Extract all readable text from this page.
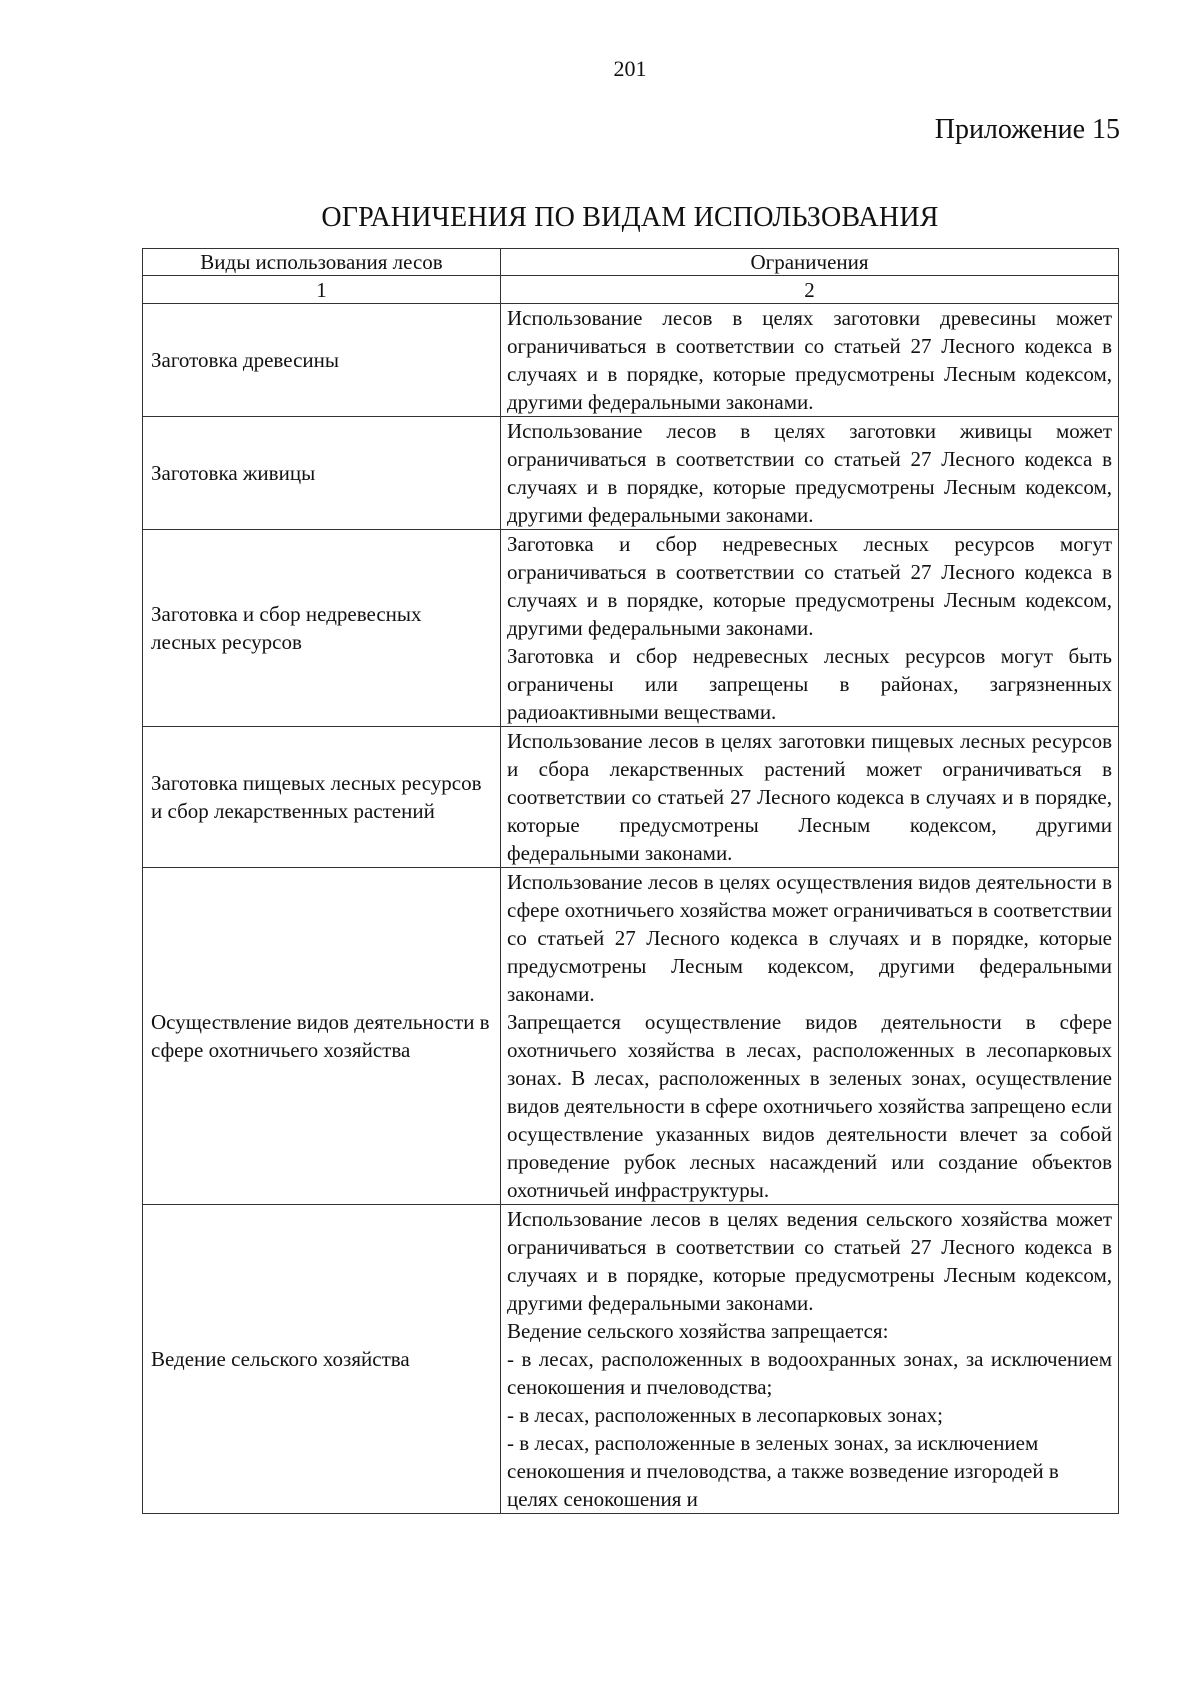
201
Приложение 15
ОГРАНИЧЕНИЯ ПО ВИДАМ ИСПОЛЬЗОВАНИЯ
Виды использования лесов	Ограничения
1	2
Заготовка древесины	Использование лесов в целях заготовки древесины может ограничиваться в соответствии со статьей 27 Лесного кодекса в случаях и в порядке, которые предусмотрены Лесным кодексом, другими федеральными законами.

Заготовка живицы	Использование лесов в целях заготовки живицы может ограничиваться в соответствии со статьей 27 Лесного кодекса в случаях и в порядке, которые предусмотрены Лесным кодексом, другими федеральными законами.

Заготовка и сбор недревесных лесных ресурсов	Заготовка и сбор недревесных лесных ресурсов могут ограничиваться в соответствии со статьей 27 Лесного кодекса в случаях и в порядке, которые предусмотрены Лесным кодексом, другими федеральными законами.

Заготовка и сбор недревесных лесных ресурсов могут быть ограничены или запрещены в районах, загрязненных радиоактивными веществами.

Заготовка пищевых лесных ресурсов и сбор лекарственных растений	Использование лесов в целях заготовки пищевых лесных ресурсов и сбора лекарственных растений может ограничиваться в соответствии со статьей 27 Лесного кодекса в случаях и в порядке, которые предусмотрены Лесным кодексом, другими федеральными законами.

Осуществление видов деятельности в сфере охотничьего хозяйства	Использование лесов в целях осуществления видов деятельности в сфере охотничьего хозяйства может ограничиваться в соответствии со статьей 27 Лесного кодекса в случаях и в порядке, которые предусмотрены Лесным кодексом, другими федеральными законами.

Запрещается осуществление видов деятельности в сфере охотничьего хозяйства в лесах, расположенных в лесопарковых зонах. В лесах, расположенных в зеленых зонах, осуществление видов деятельности в сфере охотничьего хозяйства запрещено если осуществление указанных видов деятельности влечет за собой проведение рубок лесных насаждений или создание объектов охотничьей инфраструктуры.

Ведение сельского хозяйства	Использование лесов в целях ведения сельского хозяйства может ограничиваться в соответствии со статьей 27 Лесного кодекса в случаях и в порядке, которые предусмотрены Лесным кодексом, другими федеральными законами.

Ведение сельского хозяйства запрещается:

- в лесах, расположенных в водоохранных зонах, за исключением сенокошения и пчеловодства;

- в лесах, расположенных в лесопарковых зонах;

- в лесах, расположенные в зеленых зонах, за исключением сенокошения и пчеловодства, а также возведение изгородей в целях сенокошения и
